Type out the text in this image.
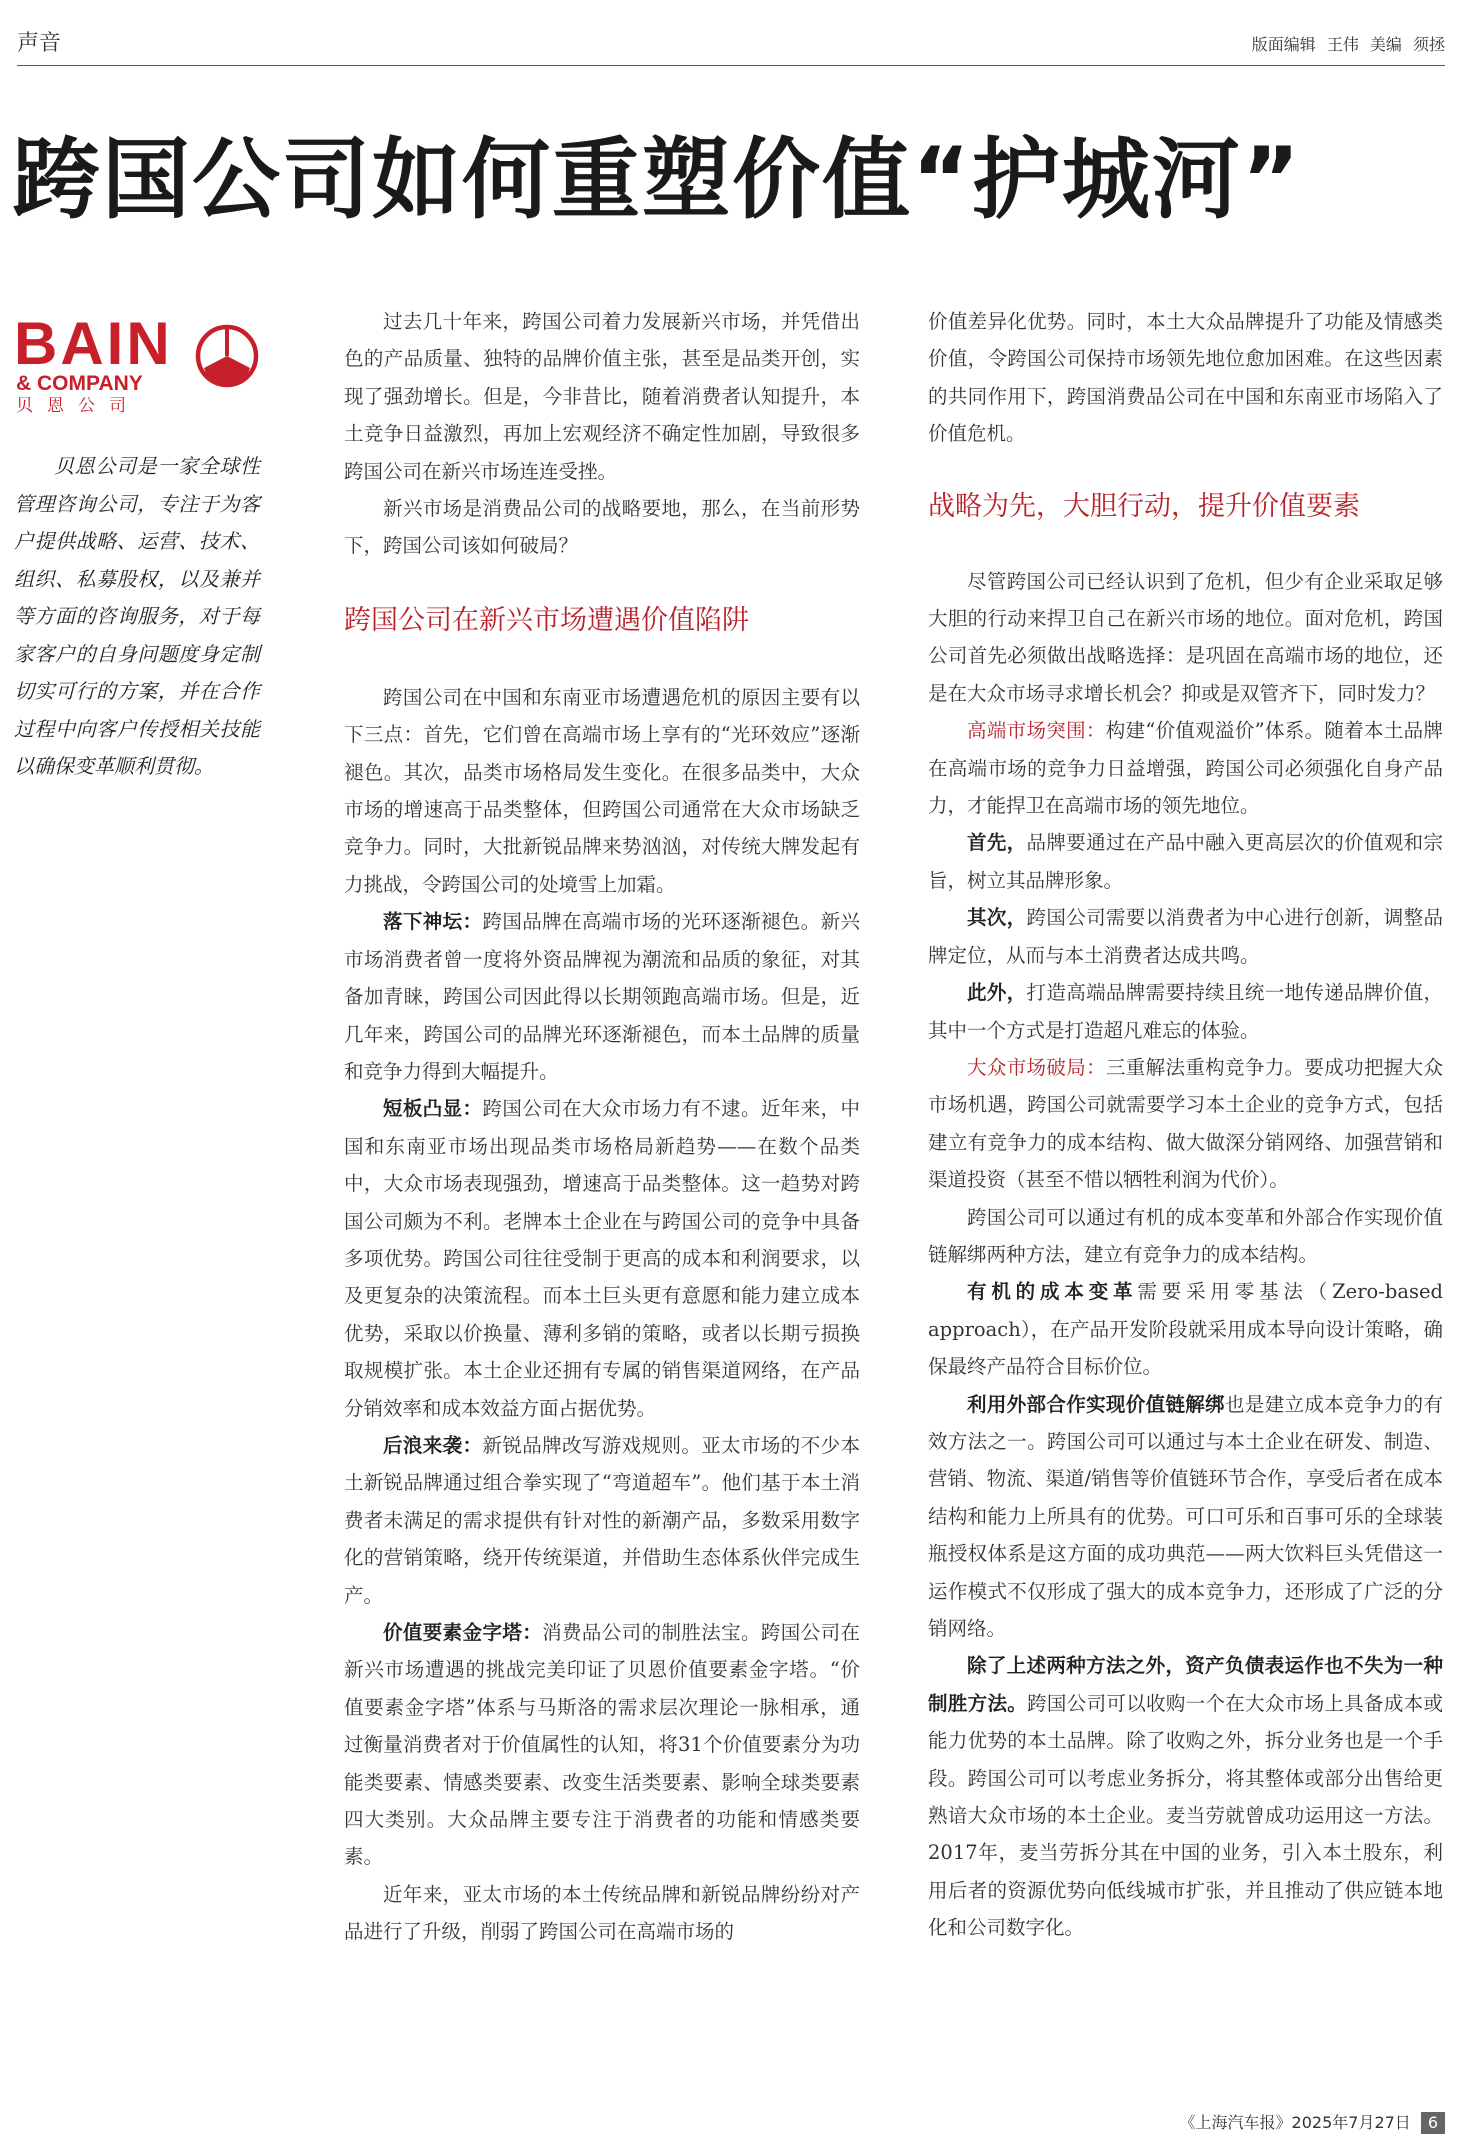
声音	版面编辑 王伟 美编 须拯
跨国公司如何重塑价值“护城河”
BAIN
& COMPANY
贝恩公司
贝恩公司是一家全球性管理咨询公司，专注于为客户提供战略、运营、技术、组织、私募股权，以及兼并等方面的咨询服务，对于每家客户的自身问题度身定制切实可行的方案，并在合作过程中向客户传授相关技能以确保变革顺利贯彻。

过去几十年来，跨国公司着力发展新兴市场，并凭借出色的产品质量、独特的品牌价值主张，甚至是品类开创，实现了强劲增长。但是，今非昔比，随着消费者认知提升，本土竞争日益激烈，再加上宏观经济不确定性加剧，导致很多跨国公司在新兴市场连连受挫。

新兴市场是消费品公司的战略要地，那么，在当前形势下，跨国公司该如何破局？

跨国公司在新兴市场遭遇价值陷阱

跨国公司在中国和东南亚市场遭遇危机的原因主要有以下三点：首先，它们曾在高端市场上享有的“光环效应”逐渐褪色。其次，品类市场格局发生变化。在很多品类中，大众市场的增速高于品类整体，但跨国公司通常在大众市场缺乏竞争力。同时，大批新锐品牌来势汹汹，对传统大牌发起有力挑战，令跨国公司的处境雪上加霜。

落下神坛：跨国品牌在高端市场的光环逐渐褪色。新兴市场消费者曾一度将外资品牌视为潮流和品质的象征，对其备加青睐，跨国公司因此得以长期领跑高端市场。但是，近几年来，跨国公司的品牌光环逐渐褪色，而本土品牌的质量和竞争力得到大幅提升。

短板凸显：跨国公司在大众市场力有不逮。近年来，中国和东南亚市场出现品类市场格局新趋势——在数个品类中，大众市场表现强劲，增速高于品类整体。这一趋势对跨国公司颇为不利。老牌本土企业在与跨国公司的竞争中具备多项优势。跨国公司往往受制于更高的成本和利润要求，以及更复杂的决策流程。而本土巨头更有意愿和能力建立成本优势，采取以价换量、薄利多销的策略，或者以长期亏损换取规模扩张。本土企业还拥有专属的销售渠道网络，在产品分销效率和成本效益方面占据优势。

后浪来袭：新锐品牌改写游戏规则。亚太市场的不少本土新锐品牌通过组合拳实现了“弯道超车”。他们基于本土消费者未满足的需求提供有针对性的新潮产品，多数采用数字化的营销策略，绕开传统渠道，并借助生态体系伙伴完成生产。

价值要素金字塔：消费品公司的制胜法宝。跨国公司在新兴市场遭遇的挑战完美印证了贝恩价值要素金字塔。“价值要素金字塔”体系与马斯洛的需求层次理论一脉相承，通过衡量消费者对于价值属性的认知，将31个价值要素分为功能类要素、情感类要素、改变生活类要素、影响全球类要素四大类别。大众品牌主要专注于消费者的功能和情感类要素。

近年来，亚太市场的本土传统品牌和新锐品牌纷纷对产品进行了升级，削弱了跨国公司在高端市场的

价值差异化优势。同时，本土大众品牌提升了功能及情感类价值，令跨国公司保持市场领先地位愈加困难。在这些因素的共同作用下，跨国消费品公司在中国和东南亚市场陷入了价值危机。

战略为先，大胆行动，提升价值要素

尽管跨国公司已经认识到了危机，但少有企业采取足够大胆的行动来捍卫自己在新兴市场的地位。面对危机，跨国公司首先必须做出战略选择：是巩固在高端市场的地位，还是在大众市场寻求增长机会？抑或是双管齐下，同时发力？

高端市场突围：构建“价值观溢价”体系。随着本土品牌在高端市场的竞争力日益增强，跨国公司必须强化自身产品力，才能捍卫在高端市场的领先地位。

首先，品牌要通过在产品中融入更高层次的价值观和宗旨，树立其品牌形象。

其次，跨国公司需要以消费者为中心进行创新，调整品牌定位，从而与本土消费者达成共鸣。

此外，打造高端品牌需要持续且统一地传递品牌价值，其中一个方式是打造超凡难忘的体验。

大众市场破局：三重解法重构竞争力。要成功把握大众市场机遇，跨国公司就需要学习本土企业的竞争方式，包括建立有竞争力的成本结构、做大做深分销网络、加强营销和渠道投资（甚至不惜以牺牲利润为代价）。

跨国公司可以通过有机的成本变革和外部合作实现价值链解绑两种方法，建立有竞争力的成本结构。

有机的成本变革需要采用零基法（Zero-based approach），在产品开发阶段就采用成本导向设计策略，确保最终产品符合目标价位。

利用外部合作实现价值链解绑也是建立成本竞争力的有效方法之一。跨国公司可以通过与本土企业在研发、制造、营销、物流、渠道/销售等价值链环节合作，享受后者在成本结构和能力上所具有的优势。可口可乐和百事可乐的全球装瓶授权体系是这方面的成功典范——两大饮料巨头凭借这一运作模式不仅形成了强大的成本竞争力，还形成了广泛的分销网络。

除了上述两种方法之外，资产负债表运作也不失为一种制胜方法。跨国公司可以收购一个在大众市场上具备成本或能力优势的本土品牌。除了收购之外，拆分业务也是一个手段。跨国公司可以考虑业务拆分，将其整体或部分出售给更熟谙大众市场的本土企业。麦当劳就曾成功运用这一方法。2017年，麦当劳拆分其在中国的业务，引入本土股东，利用后者的资源优势向低线城市扩张，并且推动了供应链本地化和公司数字化。

《上海汽车报》2025年7月27日 6
